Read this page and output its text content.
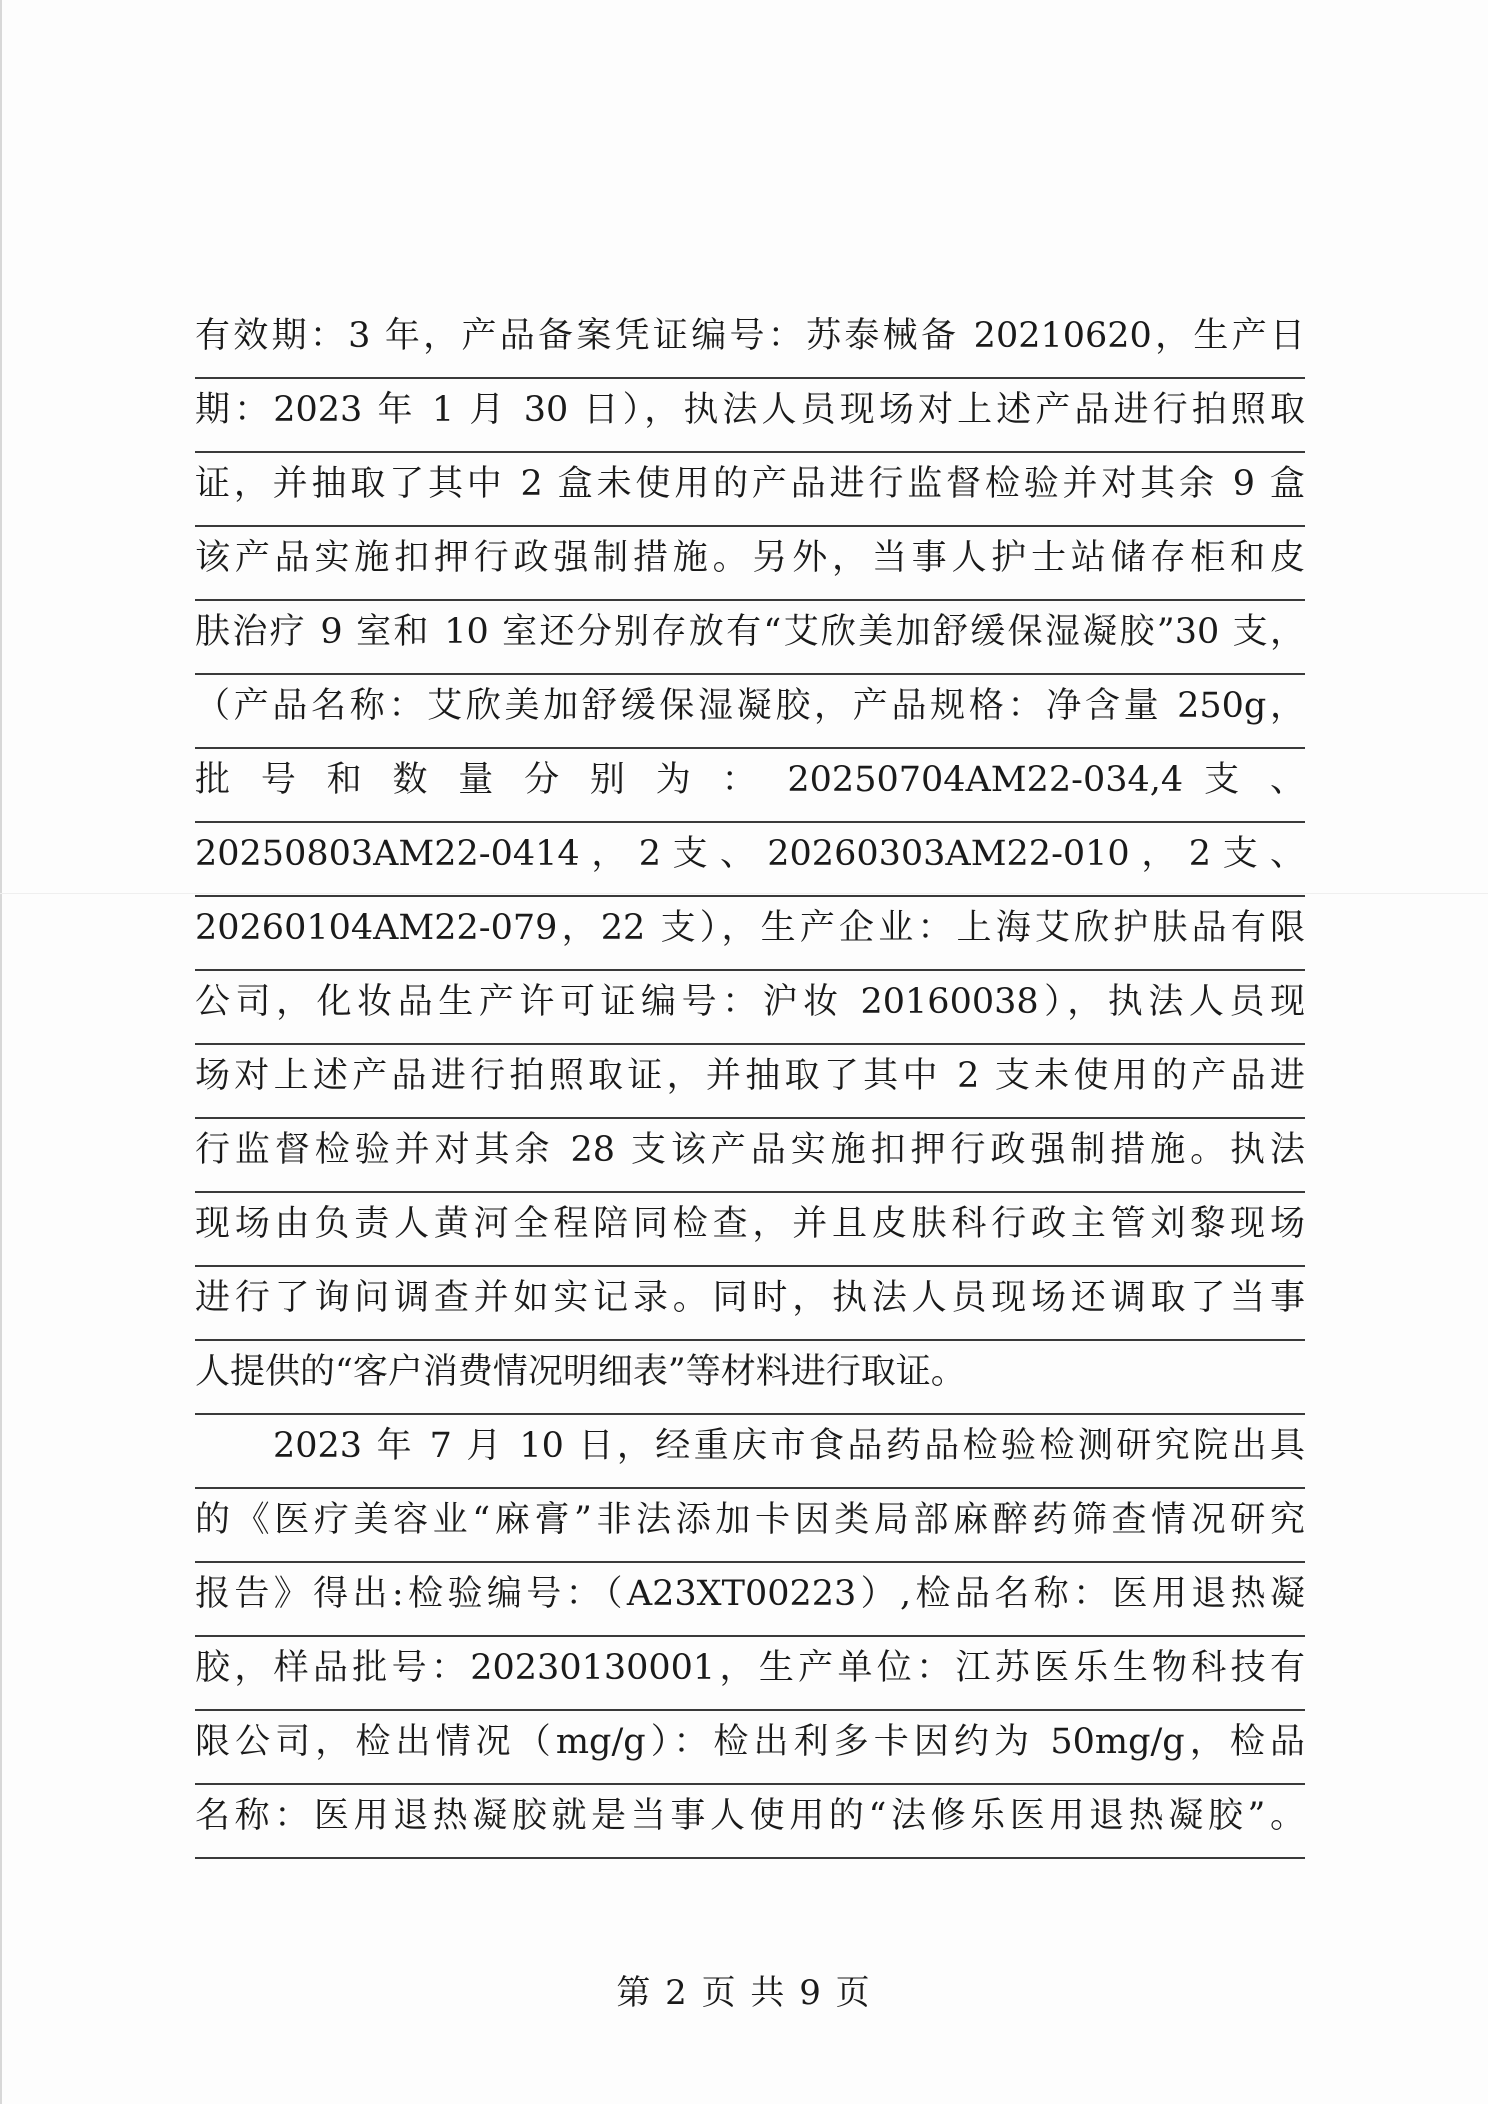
有效期：3 年，产品备案凭证编号：苏泰械备 20210620，生产日
期：2023 年 1 月 30 日），执法人员现场对上述产品进行拍照取
证，并抽取了其中 2 盒未使用的产品进行监督检验并对其余 9 盒
该产品实施扣押行政强制措施。另外，当事人护士站储存柜和皮
肤治疗 9 室和 10 室还分别存放有“艾欣美加舒缓保湿凝胶”30 支，
（产品名称：艾欣美加舒缓保湿凝胶，产品规格：净含量 250g，
批 号 和 数 量 分 别 为 ： 20250704AM22-034,4 支 、
20250803AM22-0414 ， 2 支 、 20260303AM22-010 ， 2 支 、
20260104AM22-079，22 支），生产企业：上海艾欣护肤品有限
公司，化妆品生产许可证编号：沪妆 20160038），执法人员现
场对上述产品进行拍照取证，并抽取了其中 2 支未使用的产品进
行监督检验并对其余 28 支该产品实施扣押行政强制措施。执法
现场由负责人黄河全程陪同检查，并且皮肤科行政主管刘黎现场
进行了询问调查并如实记录。同时，执法人员现场还调取了当事
人提供的“客户消费情况明细表”等材料进行取证。
2023 年 7 月 10 日，经重庆市食品药品检验检测研究院出具
的《医疗美容业“麻膏”非法添加卡因类局部麻醉药筛查情况研究
报告》得出:检验编号：（A23XT00223）,检品名称：医用退热凝
胶，样品批号：20230130001，生产单位：江苏医乐生物科技有
限公司，检出情况（mg/g）：检出利多卡因约为 50mg/g，检品
名称：医用退热凝胶就是当事人使用的“法修乐医用退热凝胶”。
第 2 页 共 9 页
